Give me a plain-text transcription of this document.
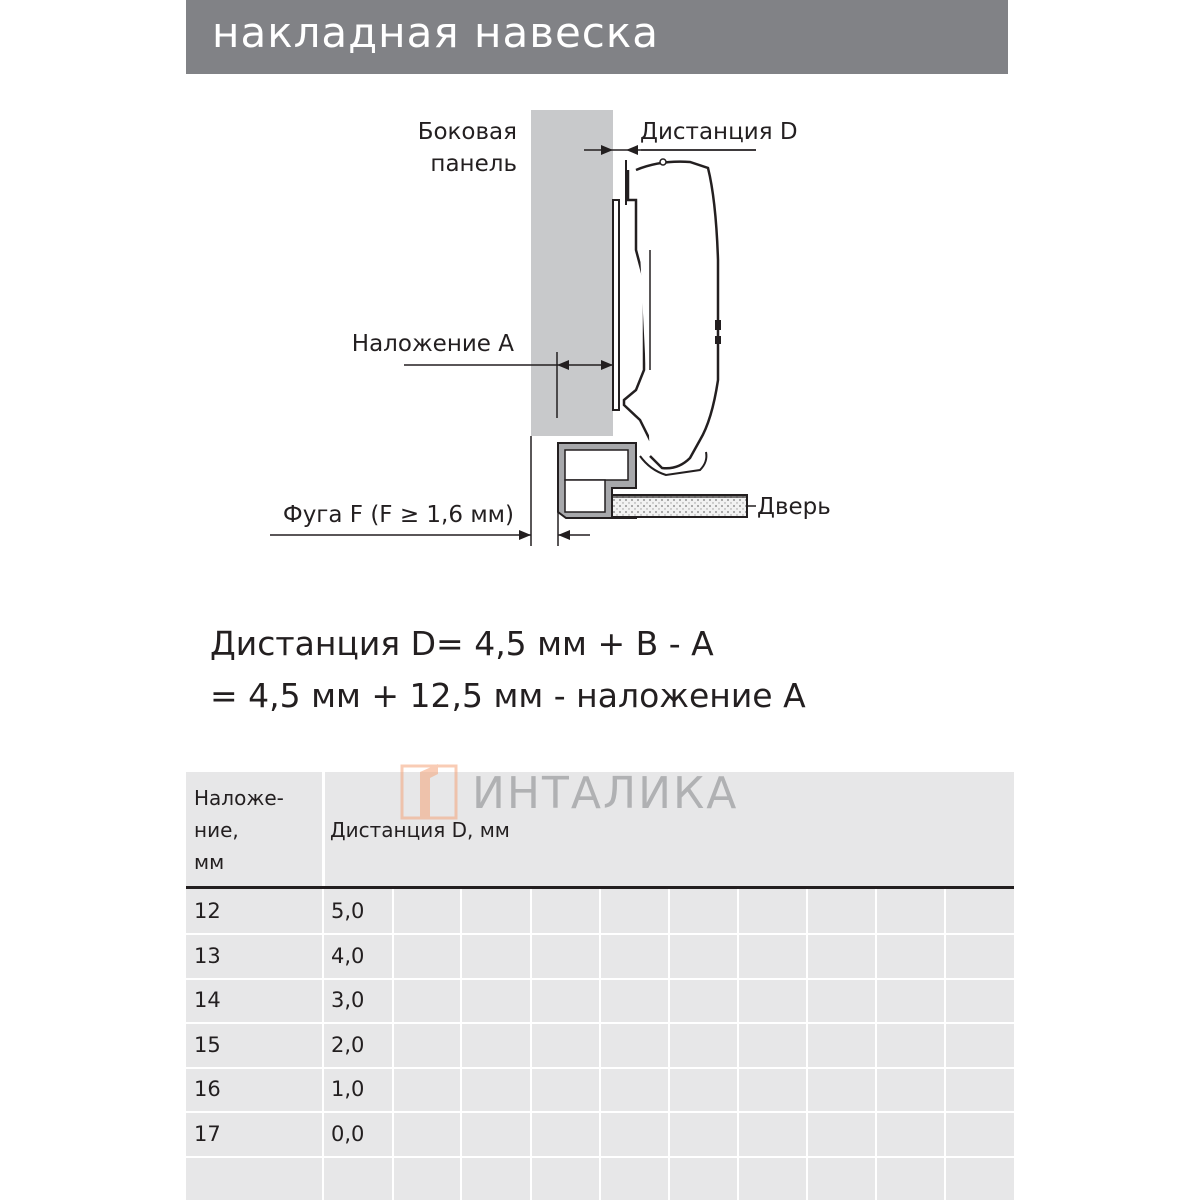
накладная навеска
Боковая
панель
Дистанция D
Наложение A
Фуга F (F ≥ 1,6 мм)	Дверь
Дистанция D= 4,5 мм + B - A
= 4,5 мм + 12,5 мм - наложение A
Наложе-
ние,
мм
Дистанция D, мм
12	5,0
13	4,0
14	3,0
15	2,0
16	1,0
17	0,0
ИНТАЛИКА
